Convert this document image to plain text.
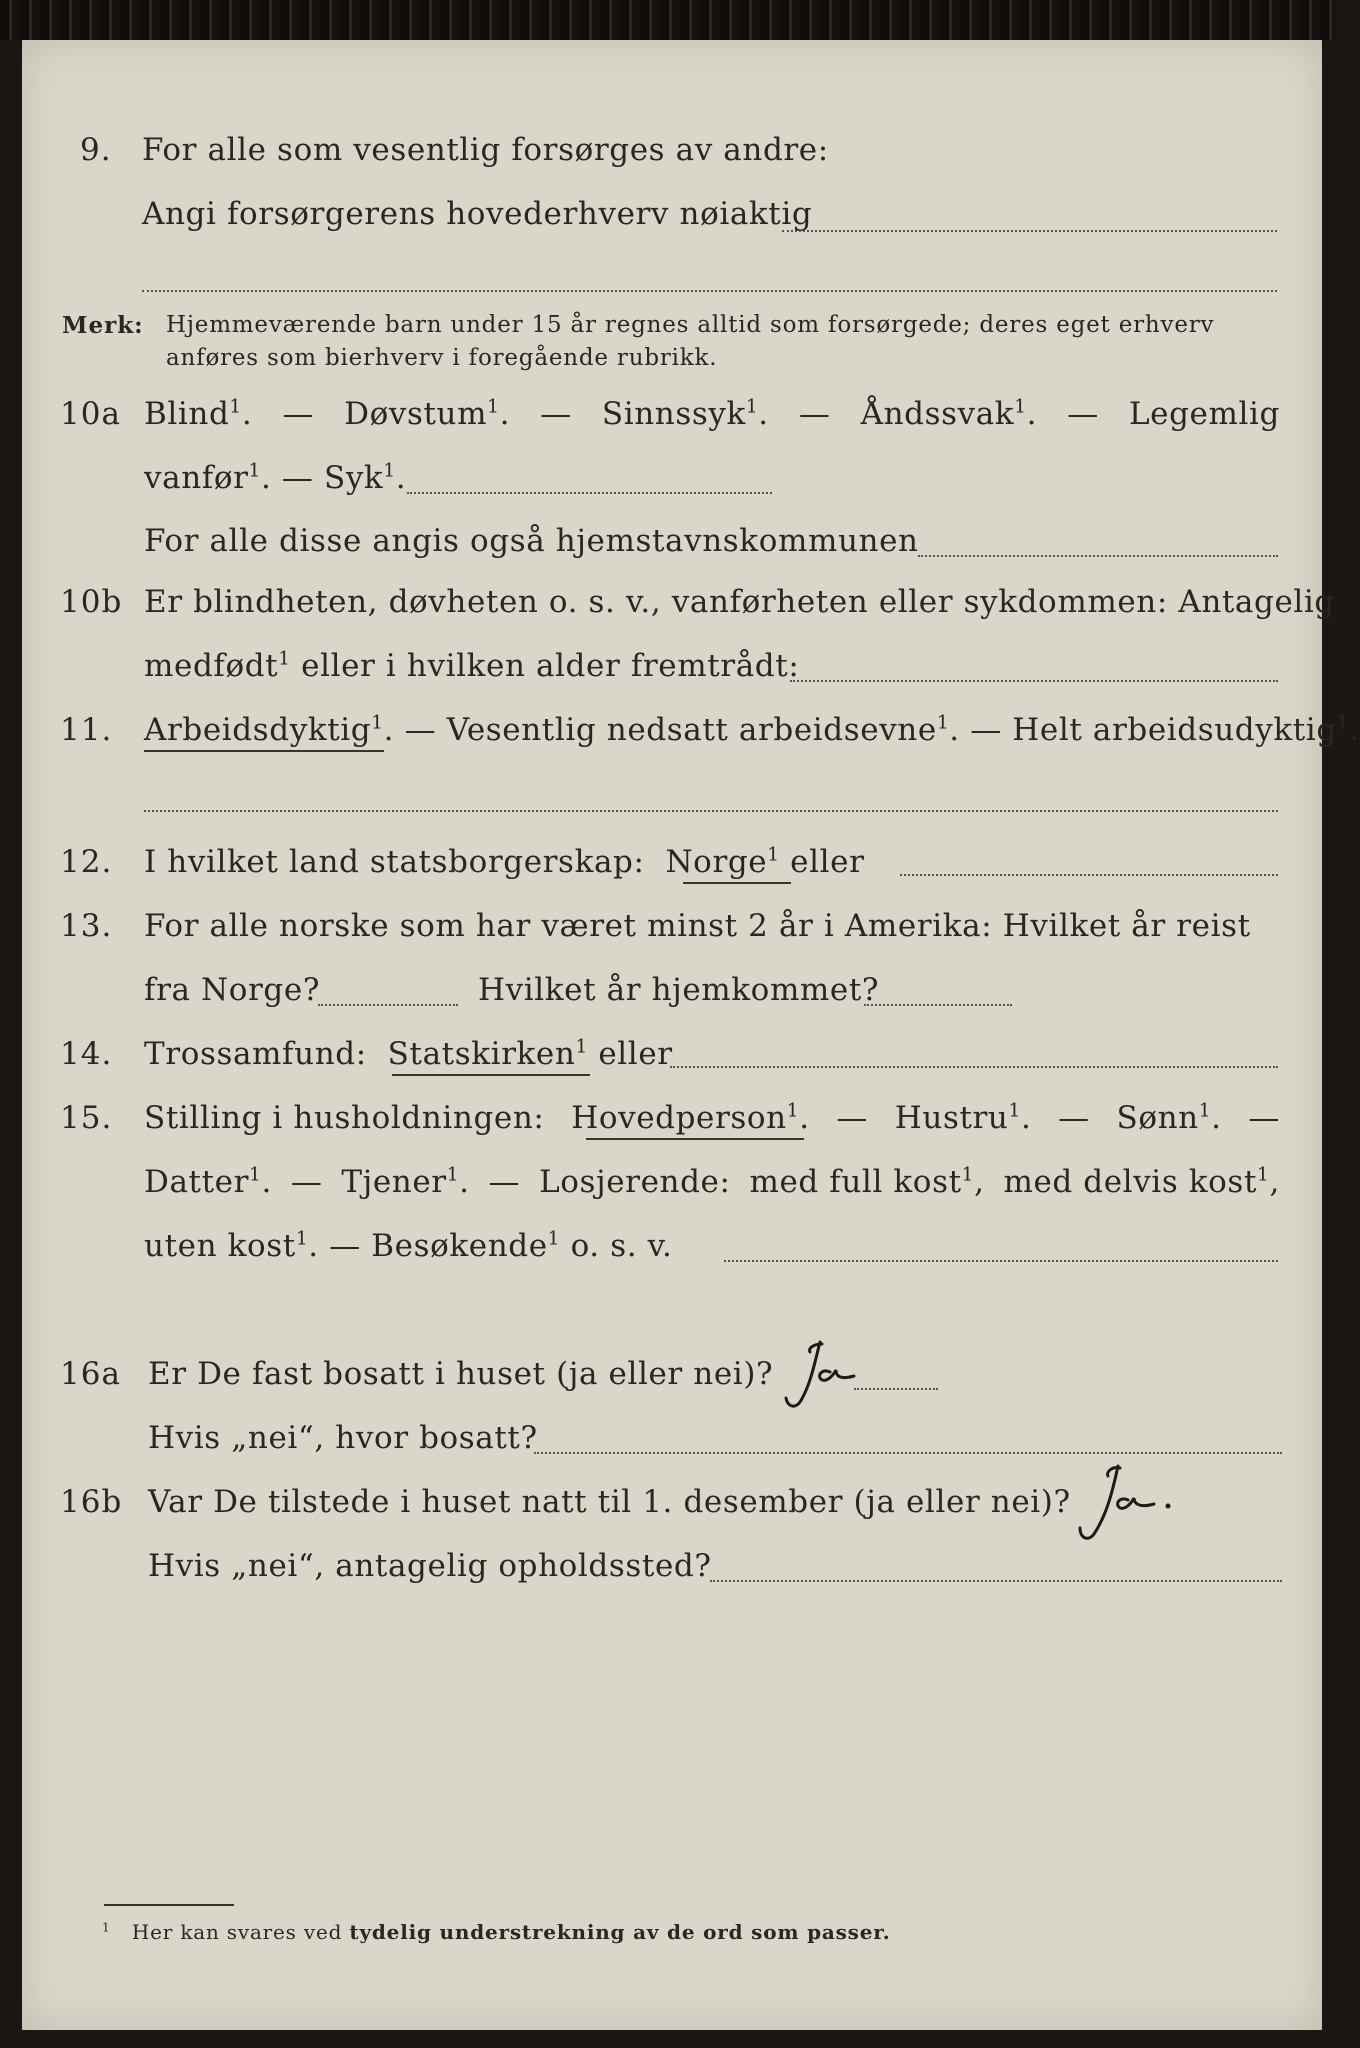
9. For alle som vesentlig forsørges av andre:
Angi forsørgerens hovederhverv nøiaktig
Merk: Hjemmeværende barn under 15 år regnes alltid som forsørgede; deres eget erhverv
anføres som bierhverv i foregående rubrikk.
10a Blind$^1$. — Døvstum$^1$. — Sinnssyk$^1$. — Åndssvak$^1$. — Legemlig
vanfør$^1$. — Syk$^1$.
For alle disse angis også hjemstavnskommunen
10b Er blindheten, døvheten o. s. v., vanførheten eller sykdommen: Antagelig
medfødt$^1$ eller i hvilken alder fremtrådt:
11. Arbeidsdyktig$^1$. — Vesentlig nedsatt arbeidsevne$^1$. — Helt arbeidsudyktig$^1$.
12. I hvilket land statsborgerskap: Norge$^1$ eller
13. For alle norske som har været minst 2 år i Amerika: Hvilket år reist
fra Norge?	Hvilket år hjemkommet?
14. Trossamfund: Statskirken$^1$ eller
15. Stilling i husholdningen: Hovedperson$^1$. — Hustru$^1$. — Sønn$^1$. —
Datter$^1$. — Tjener$^1$. — Losjerende: med full kost$^1$, med delvis kost$^1$,
uten kost$^1$. — Besøkende$^1$ o. s. v.
16a Er De fast bosatt i huset (ja eller nei)?
Hvis „nei“, hvor bosatt?
16b Var De tilstede i huset natt til 1. desember (ja eller nei)?
Hvis „nei“, antagelig opholdssted?
$^1$ Her kan svares ved tydelig understrekning av de ord som passer.
